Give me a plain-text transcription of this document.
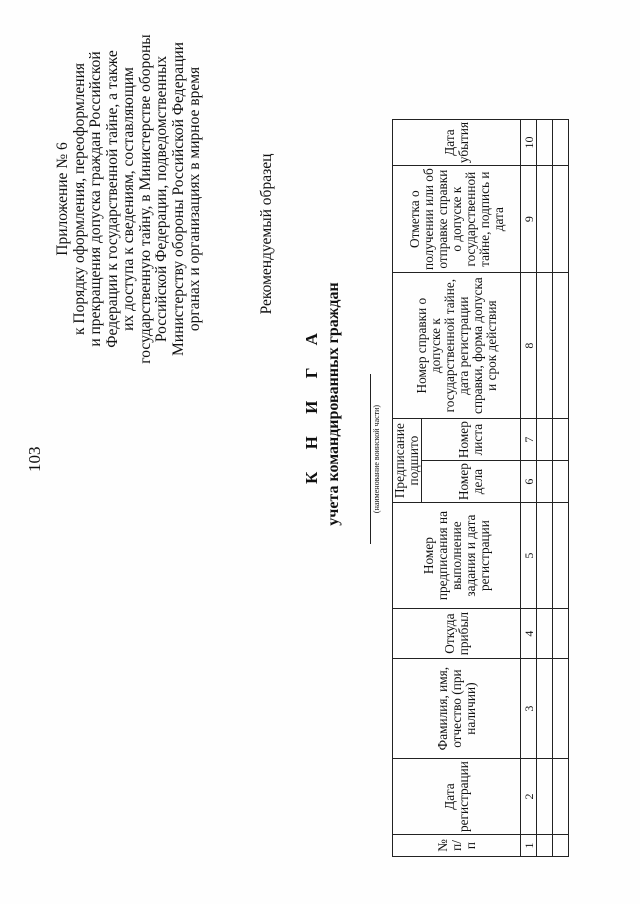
103
Приложение № 6 к Порядку оформления, переоформления и прекращения допуска граждан Российской Федерации к государственной тайне, а также их доступа к сведениям, составляющим государственную тайну, в Министерстве обороны Российской Федерации, подведомственных Министерству обороны Российской Федерации органах и организациях в мирное время	Рекомендуемый образец
К Н И Г А учета командированных граждан	(наименование воинской части)
№ п/п	Дата регистрации	Фамилия, имя, отчество (при наличии)	Откуда прибыл	Номер предписания на выполнение задания и дата регистрации	Предписание подшито		Номер справки о допуске к государственной тайне, дата регистрации справки, форма допуска и срок действия	Отметка о получении или об отправке справки о допуске к государственной тайне, подпись и дата	Дата убытия
					Номер дела	Номер листа			
1	2	3	4	5	6	7	8	9	10
